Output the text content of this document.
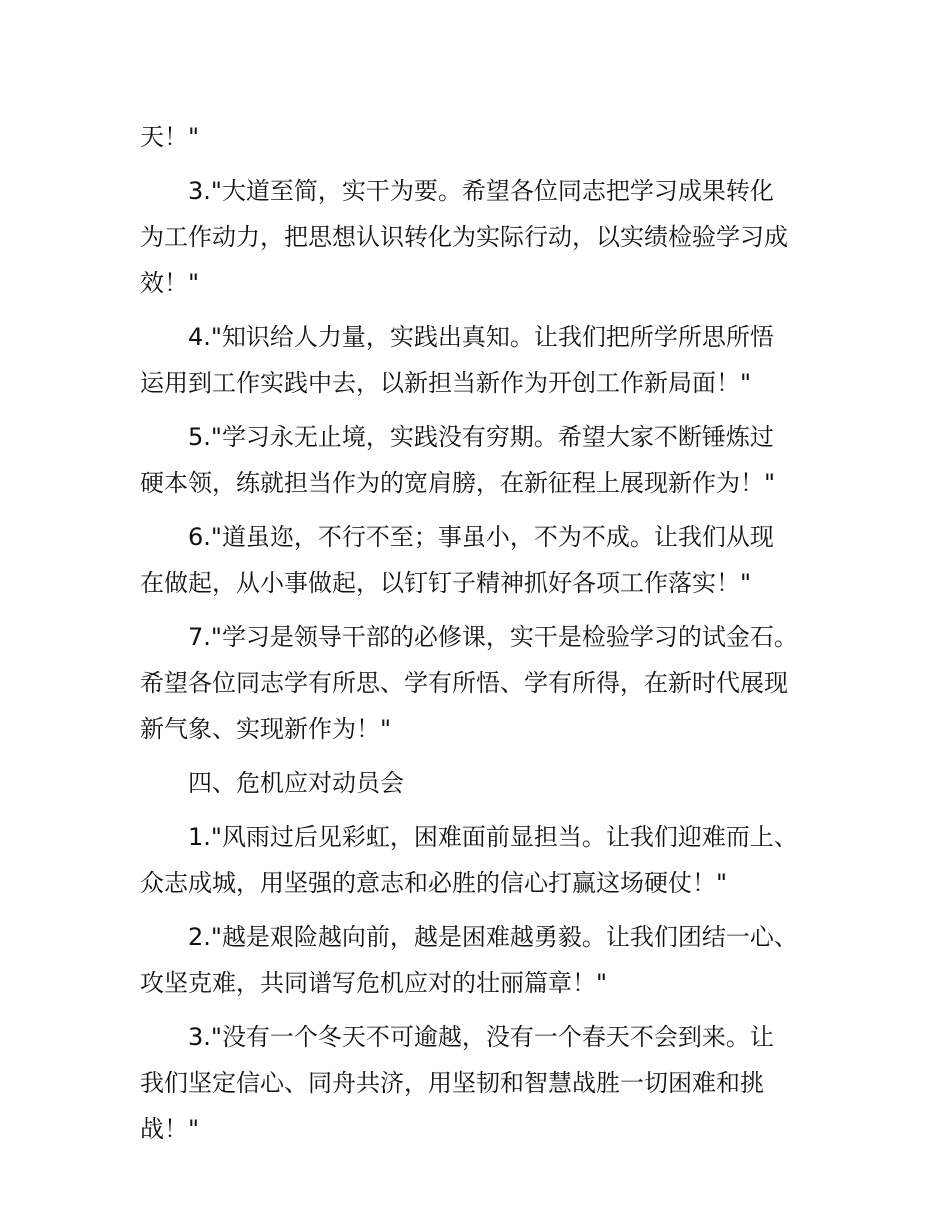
天！"
3."大道至简，实干为要。希望各位同志把学习成果转化
为工作动力，把思想认识转化为实际行动，以实绩检验学习成
效！"
4."知识给人力量，实践出真知。让我们把所学所思所悟
运用到工作实践中去，以新担当新作为开创工作新局面！"
5."学习永无止境，实践没有穷期。希望大家不断锤炼过
硬本领，练就担当作为的宽肩膀，在新征程上展现新作为！"
6."道虽迩，不行不至；事虽小，不为不成。让我们从现
在做起，从小事做起，以钉钉子精神抓好各项工作落实！"
7."学习是领导干部的必修课，实干是检验学习的试金石。
希望各位同志学有所思、学有所悟、学有所得，在新时代展现
新气象、实现新作为！"
四、危机应对动员会
1."风雨过后见彩虹，困难面前显担当。让我们迎难而上、
众志成城，用坚强的意志和必胜的信心打赢这场硬仗！"
2."越是艰险越向前，越是困难越勇毅。让我们团结一心、
攻坚克难，共同谱写危机应对的壮丽篇章！"
3."没有一个冬天不可逾越，没有一个春天不会到来。让
我们坚定信心、同舟共济，用坚韧和智慧战胜一切困难和挑
战！"
